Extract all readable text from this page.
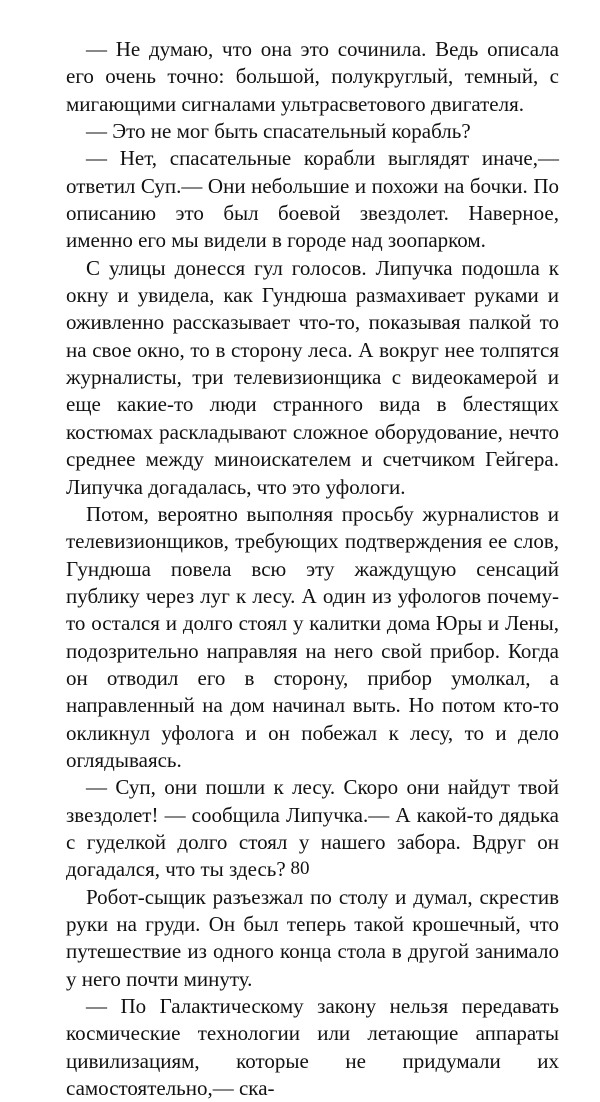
— Не думаю, что она это сочинила. Ведь описала его очень точно: большой, полукруглый, темный, с мигающими сигналами ультрасветового двигателя.

— Это не мог быть спасательный корабль?

— Нет, спасательные корабли выглядят иначе,— ответил Суп.— Они небольшие и похожи на бочки. По описанию это был боевой звездолет. Наверное, именно его мы видели в городе над зоопарком.

С улицы донесся гул голосов. Липучка подошла к окну и увидела, как Гундюша размахивает руками и оживленно рассказывает что-то, показывая палкой то на свое окно, то в сторону леса. А вокруг нее толпятся журналисты, три телевизионщика с видеокамерой и еще какие-то люди странного вида в блестящих костюмах раскладывают сложное оборудование, нечто среднее между миноискателем и счетчиком Гейгера. Липучка догадалась, что это уфологи.

Потом, вероятно выполняя просьбу журналистов и телевизионщиков, требующих подтверждения ее слов, Гундюша повела всю эту жаждущую сенсаций публику через луг к лесу. А один из уфологов почему-то остался и долго стоял у калитки дома Юры и Лены, подозрительно направляя на него свой прибор. Когда он отводил его в сторону, прибор умолкал, а направленный на дом начинал выть. Но потом кто-то окликнул уфолога и он побежал к лесу, то и дело оглядываясь.

— Суп, они пошли к лесу. Скоро они найдут твой звездолет! — сообщила Липучка.— А какой-то дядька с гуделкой долго стоял у нашего забора. Вдруг он догадался, что ты здесь?

Робот-сыщик разъезжал по столу и думал, скрестив руки на груди. Он был теперь такой крошечный, что путешествие из одного конца стола в другой занимало у него почти минуту.

— По Галактическому закону нельзя передавать космические технологии или летающие аппараты цивилизациям, которые не придумали их самостоятельно,— ска-

80
